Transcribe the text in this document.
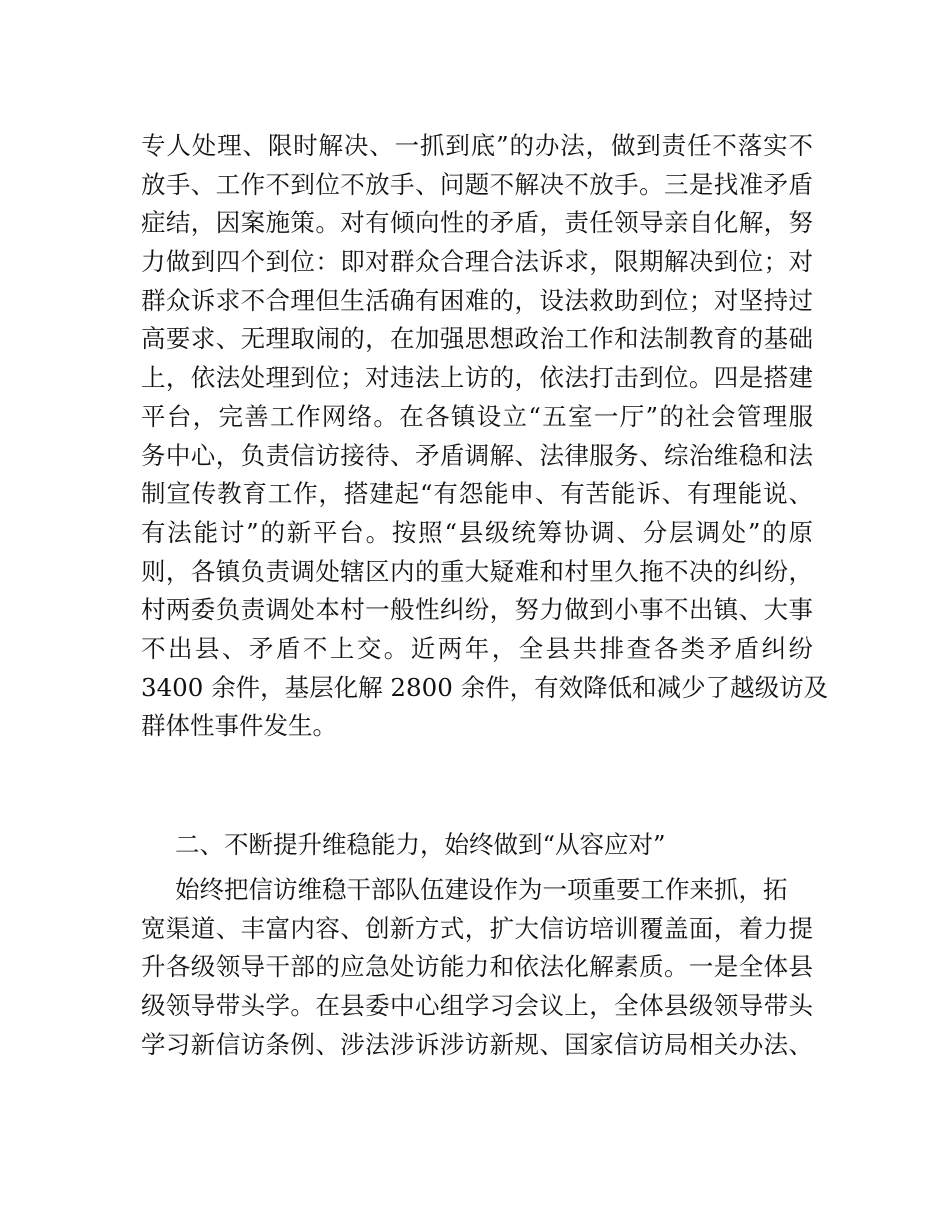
专人处理、限时解决、一抓到底”的办法，做到责任不落实不
放手、工作不到位不放手、问题不解决不放手。三是找准矛盾
症结，因案施策。对有倾向性的矛盾，责任领导亲自化解，努
力做到四个到位：即对群众合理合法诉求，限期解决到位；对
群众诉求不合理但生活确有困难的，设法救助到位；对坚持过
高要求、无理取闹的，在加强思想政治工作和法制教育的基础
上，依法处理到位；对违法上访的，依法打击到位。四是搭建
平台，完善工作网络。在各镇设立“五室一厅”的社会管理服
务中心，负责信访接待、矛盾调解、法律服务、综治维稳和法
制宣传教育工作，搭建起“有怨能申、有苦能诉、有理能说、
有法能讨”的新平台。按照“县级统筹协调、分层调处”的原
则，各镇负责调处辖区内的重大疑难和村里久拖不决的纠纷，
村两委负责调处本村一般性纠纷，努力做到小事不出镇、大事
不出县、矛盾不上交。近两年，全县共排查各类矛盾纠纷
3400 余件，基层化解 2800 余件，有效降低和减少了越级访及
群体性事件发生。
二、不断提升维稳能力，始终做到“从容应对”
始终把信访维稳干部队伍建设作为一项重要工作来抓，拓
宽渠道、丰富内容、创新方式，扩大信访培训覆盖面，着力提
升各级领导干部的应急处访能力和依法化解素质。一是全体县
级领导带头学。在县委中心组学习会议上，全体县级领导带头
学习新信访条例、涉法涉诉涉访新规、国家信访局相关办法、
